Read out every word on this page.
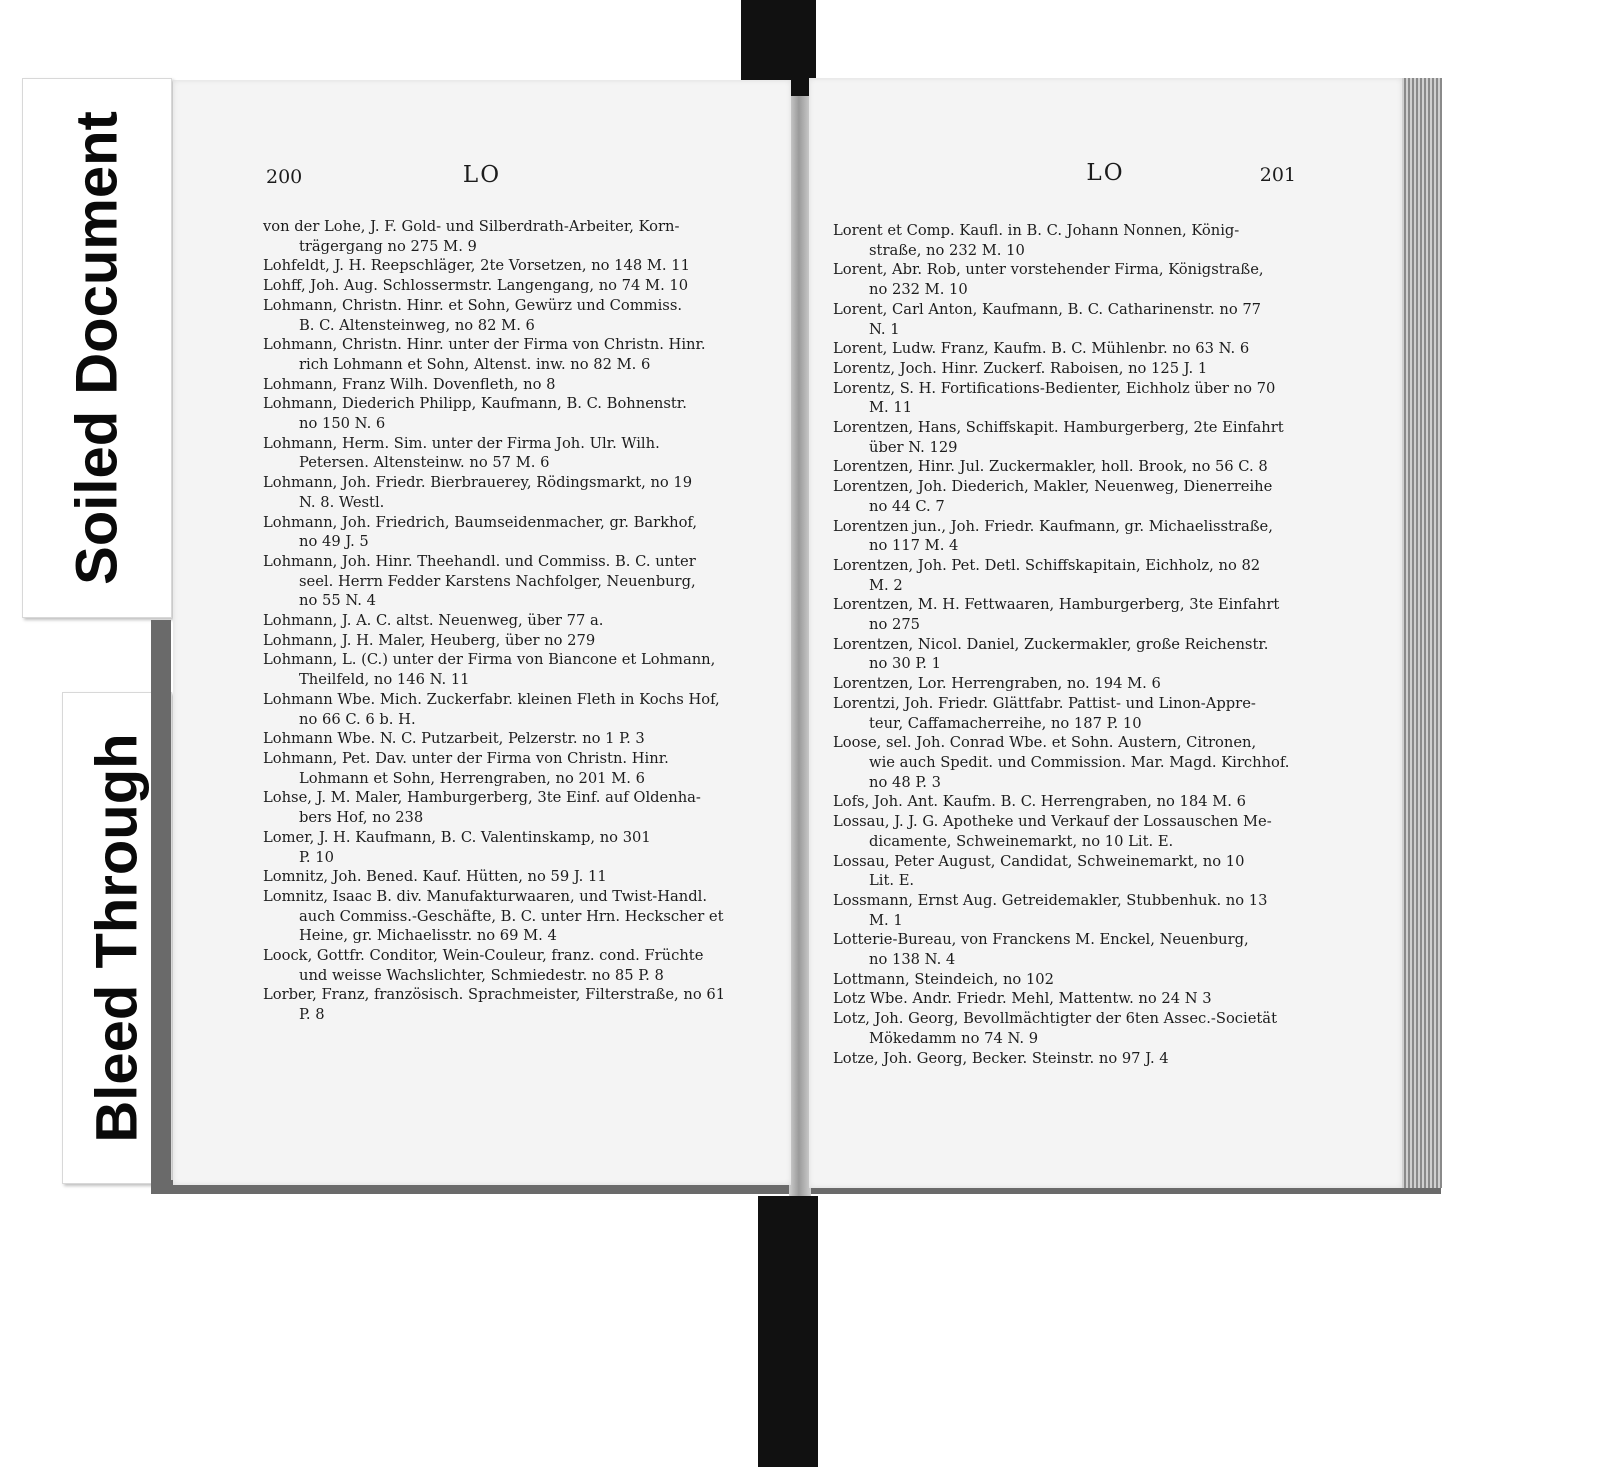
Soiled Document
Bleed Through
200	LO
von der Lohe, J. F. Gold- und Silberdrath-Arbeiter, Korn-
trägergang no 275 M. 9
Lohfeldt, J. H. Reepschläger, 2te Vorsetzen, no 148 M. 11
Lohff, Joh. Aug. Schlossermstr. Langengang, no 74 M. 10
Lohmann, Christn. Hinr. et Sohn, Gewürz und Commiss.
B. C. Altensteinweg, no 82 M. 6
Lohmann, Christn. Hinr. unter der Firma von Christn. Hinr.
rich Lohmann et Sohn, Altenst. inw. no 82 M. 6
Lohmann, Franz Wilh. Dovenfleth, no 8
Lohmann, Diederich Philipp, Kaufmann, B. C. Bohnenstr.
no 150 N. 6
Lohmann, Herm. Sim. unter der Firma Joh. Ulr. Wilh.
Petersen. Altensteinw. no 57 M. 6
Lohmann, Joh. Friedr. Bierbrauerey, Rödingsmarkt, no 19
N. 8. Westl.
Lohmann, Joh. Friedrich, Baumseidenmacher, gr. Barkhof,
no 49 J. 5
Lohmann, Joh. Hinr. Theehandl. und Commiss. B. C. unter
seel. Herrn Fedder Karstens Nachfolger, Neuenburg,
no 55 N. 4
Lohmann, J. A. C. altst. Neuenweg, über 77 a.
Lohmann, J. H. Maler, Heuberg, über no 279
Lohmann, L. (C.) unter der Firma von Biancone et Lohmann,
Theilfeld, no 146 N. 11
Lohmann Wbe. Mich. Zuckerfabr. kleinen Fleth in Kochs Hof,
no 66 C. 6 b. H.
Lohmann Wbe. N. C. Putzarbeit, Pelzerstr. no 1 P. 3
Lohmann, Pet. Dav. unter der Firma von Christn. Hinr.
Lohmann et Sohn, Herrengraben, no 201 M. 6
Lohse, J. M. Maler, Hamburgerberg, 3te Einf. auf Oldenha-
bers Hof, no 238
Lomer, J. H. Kaufmann, B. C. Valentinskamp, no 301
P. 10
Lomnitz, Joh. Bened. Kauf. Hütten, no 59 J. 11
Lomnitz, Isaac B. div. Manufakturwaaren, und Twist-Handl.
auch Commiss.-Geschäfte, B. C. unter Hrn. Heckscher et
Heine, gr. Michaelisstr. no 69 M. 4
Loock, Gottfr. Conditor, Wein-Couleur, franz. cond. Früchte
und weisse Wachslichter, Schmiedestr. no 85 P. 8
Lorber, Franz, französisch. Sprachmeister, Filterstraße, no 61
P. 8
201
LO
Lorent et Comp. Kaufl. in B. C. Johann Nonnen, König-
straße, no 232 M. 10
Lorent, Abr. Rob, unter vorstehender Firma, Königstraße,
no 232 M. 10
Lorent, Carl Anton, Kaufmann, B. C. Catharinenstr. no 77
N. 1
Lorent, Ludw. Franz, Kaufm. B. C. Mühlenbr. no 63 N. 6
Lorentz, Joch. Hinr. Zuckerf. Raboisen, no 125 J. 1
Lorentz, S. H. Fortifications-Bedienter, Eichholz über no 70
M. 11
Lorentzen, Hans, Schiffskapit. Hamburgerberg, 2te Einfahrt
über N. 129
Lorentzen, Hinr. Jul. Zuckermakler, holl. Brook, no 56 C. 8
Lorentzen, Joh. Diederich, Makler, Neuenweg, Dienerreihe
no 44 C. 7
Lorentzen jun., Joh. Friedr. Kaufmann, gr. Michaelisstraße,
no 117 M. 4
Lorentzen, Joh. Pet. Detl. Schiffskapitain, Eichholz, no 82
M. 2
Lorentzen, M. H. Fettwaaren, Hamburgerberg, 3te Einfahrt
no 275
Lorentzen, Nicol. Daniel, Zuckermakler, große Reichenstr.
no 30 P. 1
Lorentzen, Lor. Herrengraben, no. 194 M. 6
Lorentzi, Joh. Friedr. Glättfabr. Pattist- und Linon-Appre-
teur, Caffamacherreihe, no 187 P. 10
Loose, sel. Joh. Conrad Wbe. et Sohn. Austern, Citronen,
wie auch Spedit. und Commission. Mar. Magd. Kirchhof.
no 48 P. 3
Lofs, Joh. Ant. Kaufm. B. C. Herrengraben, no 184 M. 6
Lossau, J. J. G. Apotheke und Verkauf der Lossauschen Me-
dicamente, Schweinemarkt, no 10 Lit. E.
Lossau, Peter August, Candidat, Schweinemarkt, no 10
Lit. E.
Lossmann, Ernst Aug. Getreidemakler, Stubbenhuk. no 13
M. 1
Lotterie-Bureau, von Franckens M. Enckel, Neuenburg,
no 138 N. 4
Lottmann, Steindeich, no 102
Lotz Wbe. Andr. Friedr. Mehl, Mattentw. no 24 N 3
Lotz, Joh. Georg, Bevollmächtigter der 6ten Assec.-Societät
Mökedamm no 74 N. 9
Lotze, Joh. Georg, Becker. Steinstr. no 97 J. 4
